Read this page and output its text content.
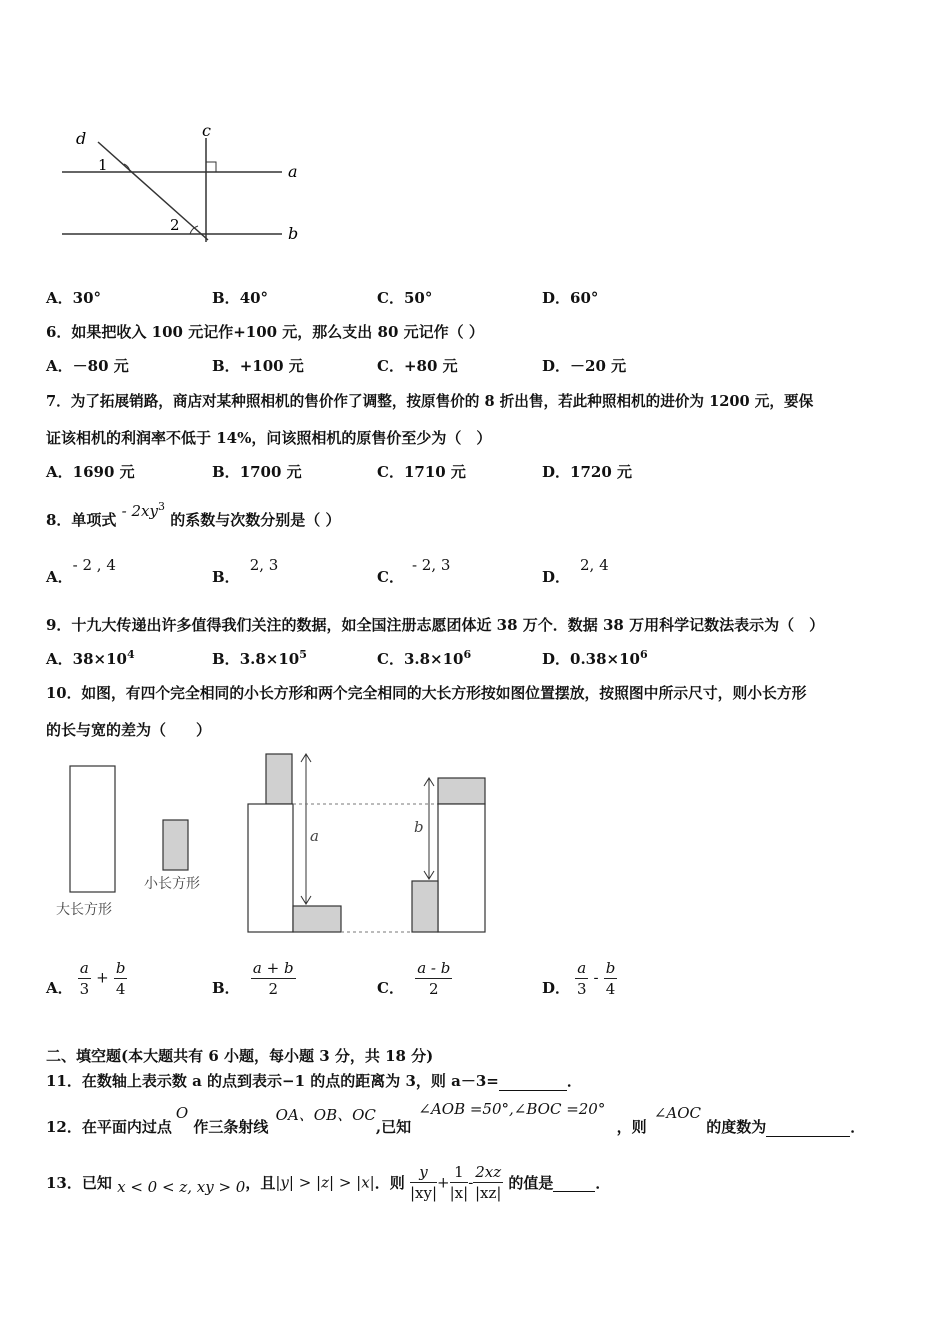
d	c
a
b
1
2
A．30°	B．40°	C．50°	D．60°
6．如果把收入 100 元记作+100 元，那么支出 80 元记作（ ）
A．－80 元	B．+100 元	C．+80 元	D．－20 元
7．为了拓展销路，商店对某种照相机的售价作了调整，按原售价的 8 折出售，若此种照相机的进价为 1200 元，要保
证该相机的利润率不低于 14%，问该照相机的原售价至少为（　）
A．1690 元	B．1700 元	C．1710 元	D．1720 元
8．单项式 - $2xy^3$ 的系数与次数分别是（ ）
A．- 2 , 4
B．2, 3
C．- 2, 3
D．2, 4
9．十九大传递出许多值得我们关注的数据，如全国注册志愿团体近 38 万个．数据 38 万用科学记数法表示为（　）
A．$38\times 10^4$	B．$3.8\times 10^5$	C．$3.8\times 10^6$	D．$0.38\times 10^6$
10．如图，有四个完全相同的小长方形和两个完全相同的大长方形按如图位置摆放，按照图中所示尺寸，则小长方形
的长与宽的差为（　　）
大长方形
小长方形
a	b
A． $\frac{a}{3} + \frac{b}{4}$	B． $\frac{a + b}{2}$	C． $\frac{a - b}{2}$	D． $\frac{a}{3} - \frac{b}{4}$
二、填空题(本大题共有 6 小题，每小题 3 分，共 18 分)
11．在数轴上表示数 a 的点到表示−1 的点的距离为 3，则 a－3=	．
12．在平面内过点O 作三条射线 OA、OB、OC,已知 ∠AOB =50°,∠BOC =20° ，则 ∠AOC 的度数为	．
13．已知 x < 0 < z, xy > 0，且|y| > |z| > |x|．则 $\frac{y}{|xy|} + \frac{1}{|x|} - \frac{2xz}{|xz|}$ 的值是	．
